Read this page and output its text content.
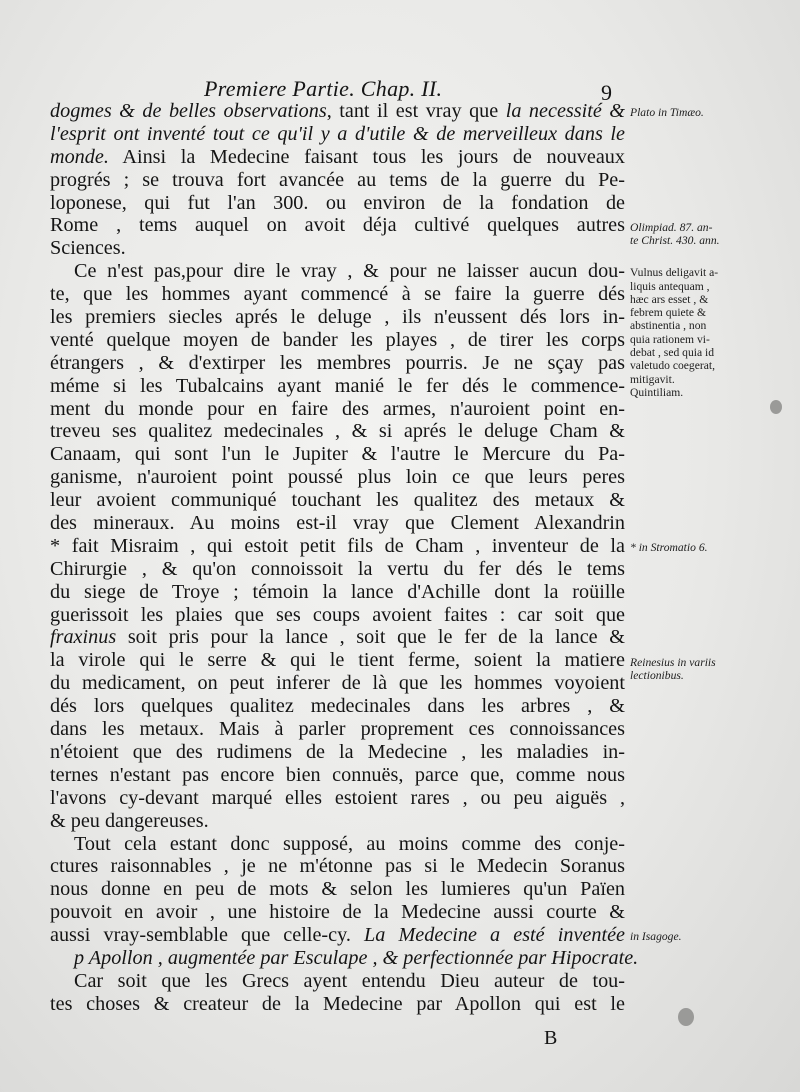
Premiere Partie. Chap. II.	9
dogmes & de belles observations, tant il est vray que la necessité &
l'esprit ont inventé tout ce qu'il y a d'utile & de merveilleux dans le
monde. Ainsi la Medecine faisant tous les jours de nouveaux
progrés ; se trouva fort avancée au tems de la guerre du Pe-
loponese, qui fut l'an 300. ou environ de la fondation de
Rome , tems auquel on avoit déja cultivé quelques autres
Sciences.
Ce n'est pas,pour dire le vray , & pour ne laisser aucun dou-
te, que les hommes ayant commencé à se faire la guerre dés
les premiers siecles aprés le deluge , ils n'eussent dés lors in-
venté quelque moyen de bander les playes , de tirer les corps
étrangers , & d'extirper les membres pourris. Je ne sçay pas
méme si les Tubalcains ayant manié le fer dés le commence-
ment du monde pour en faire des armes, n'auroient point en-
treveu ses qualitez medecinales , & si aprés le deluge Cham &
Canaam, qui sont l'un le Jupiter & l'autre le Mercure du Pa-
ganisme, n'auroient point poussé plus loin ce que leurs peres
leur avoient communiqué touchant les qualitez des metaux &
des mineraux. Au moins est-il vray que Clement Alexandrin
* fait Misraim , qui estoit petit fils de Cham , inventeur de la
Chirurgie , & qu'on connoissoit la vertu du fer dés le tems
du siege de Troye ; témoin la lance d'Achille dont la roüille
guerissoit les plaies que ses coups avoient faites : car soit que
fraxinus soit pris pour la lance , soit que le fer de la lance &
la virole qui le serre & qui le tient ferme, soient la matiere
du medicament, on peut inferer de là que les hommes voyoient
dés lors quelques qualitez medecinales dans les arbres , &
dans les metaux. Mais à parler proprement ces connoissances
n'étoient que des rudimens de la Medecine , les maladies in-
ternes n'estant pas encore bien connuës, parce que, comme nous
l'avons cy-devant marqué elles estoient rares , ou peu aiguës ,
& peu dangereuses.
Tout cela estant donc supposé, au moins comme des conje-
ctures raisonnables , je ne m'étonne pas si le Medecin Soranus
nous donne en peu de mots & selon les lumieres qu'un Païen
pouvoit en avoir , une histoire de la Medecine aussi courte &
aussi vray-semblable que celle-cy. La Medecine a esté inventée
p Apollon , augmentée par Esculape , & perfectionnée par Hipocrate.
Car soit que les Grecs ayent entendu Dieu auteur de tou-
tes choses & createur de la Medecine par Apollon qui est le
Plato in Timæo.
Olimpiad. 87. an-
te Christ. 430. ann.
Vulnus deligavit a-
liquis antequam ,
hæc ars esset , &
febrem quiete &
abstinentia , non
quia rationem vi-
debat , sed quia id
valetudo coegerat,
mitigavit.
Quintiliam.
* in Stromatio 6.
Reinesius in variis
lectionibus.
in Isagoge.
B
